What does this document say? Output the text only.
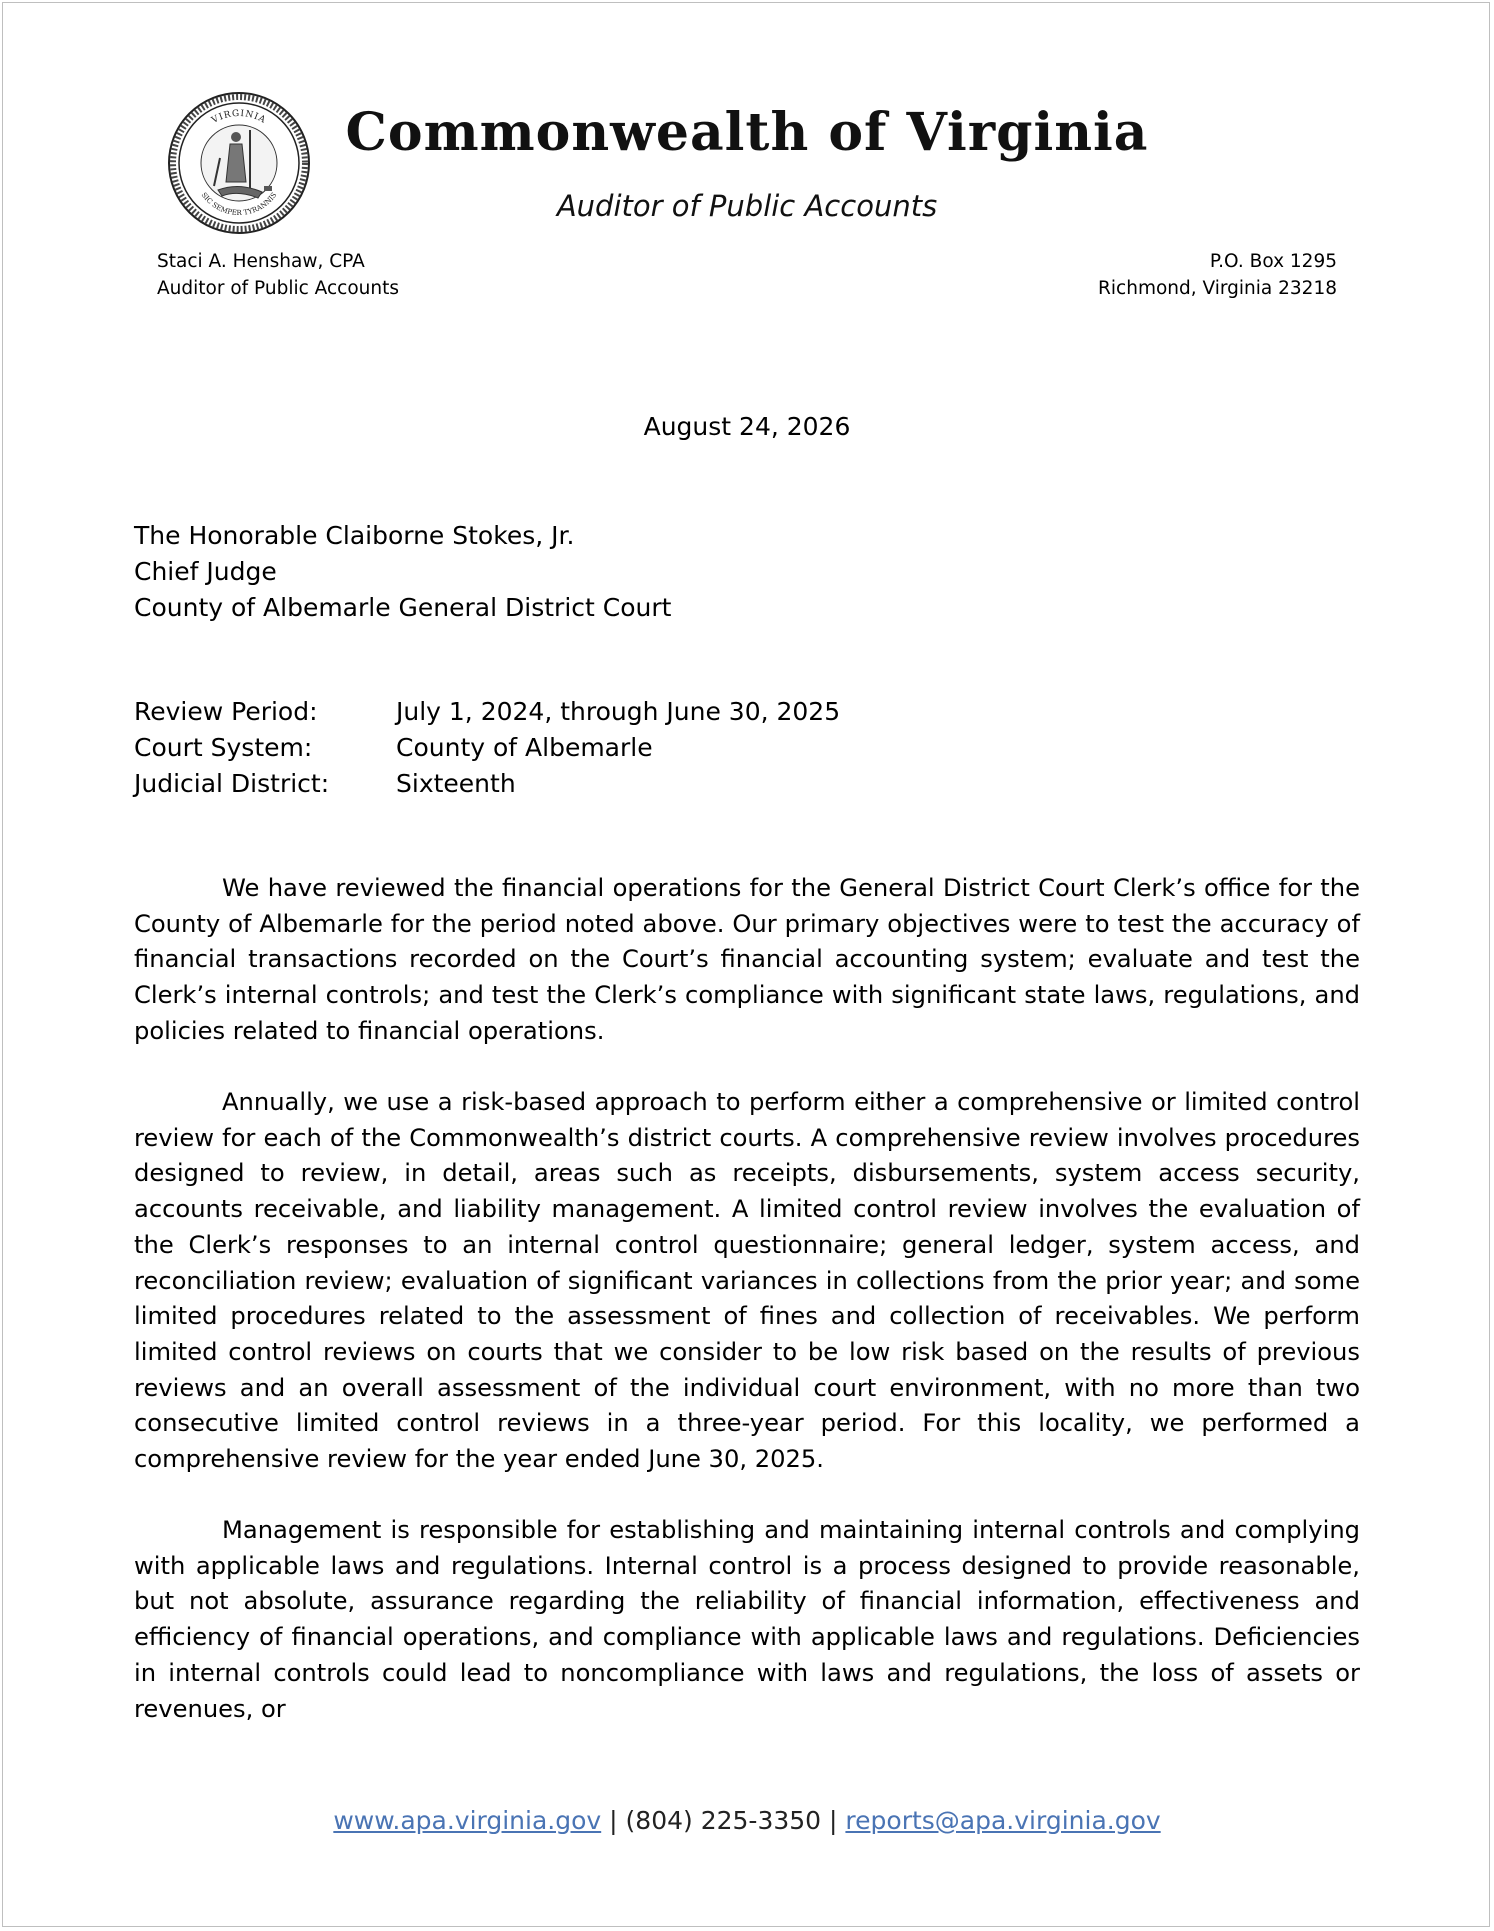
VIRGINIA
SIC SEMPER TYRANNIS
Commonwealth of Virginia
Auditor of Public Accounts
Staci A. Henshaw, CPA
Auditor of Public Accounts
P.O. Box 1295
Richmond, Virginia 23218
August 24, 2026
The Honorable Claiborne Stokes, Jr.
Chief Judge
County of Albemarle General District Court
Review Period:	July 1, 2024, through June 30, 2025
Court System:	County of Albemarle
Judicial District:	Sixteenth

We have reviewed the financial operations for the General District Court Clerk’s office for the County of Albemarle for the period noted above. Our primary objectives were to test the accuracy of financial transactions recorded on the Court’s financial accounting system; evaluate and test the Clerk’s internal controls; and test the Clerk’s compliance with significant state laws, regulations, and policies related to financial operations.

Annually, we use a risk-based approach to perform either a comprehensive or limited control review for each of the Commonwealth’s district courts. A comprehensive review involves procedures designed to review, in detail, areas such as receipts, disbursements, system access security, accounts receivable, and liability management. A limited control review involves the evaluation of the Clerk’s responses to an internal control questionnaire; general ledger, system access, and reconciliation review; evaluation of significant variances in collections from the prior year; and some limited procedures related to the assessment of fines and collection of receivables. We perform limited control reviews on courts that we consider to be low risk based on the results of previous reviews and an overall assessment of the individual court environment, with no more than two consecutive limited control reviews in a three-year period. For this locality, we performed a comprehensive review for the year ended June 30, 2025.

Management is responsible for establishing and maintaining internal controls and complying with applicable laws and regulations. Internal control is a process designed to provide reasonable, but not absolute, assurance regarding the reliability of financial information, effectiveness and efficiency of financial operations, and compliance with applicable laws and regulations. Deficiencies in internal controls could lead to noncompliance with laws and regulations, the loss of assets or revenues, or

www.apa.virginia.gov | (804) 225-3350 | reports@apa.virginia.gov
